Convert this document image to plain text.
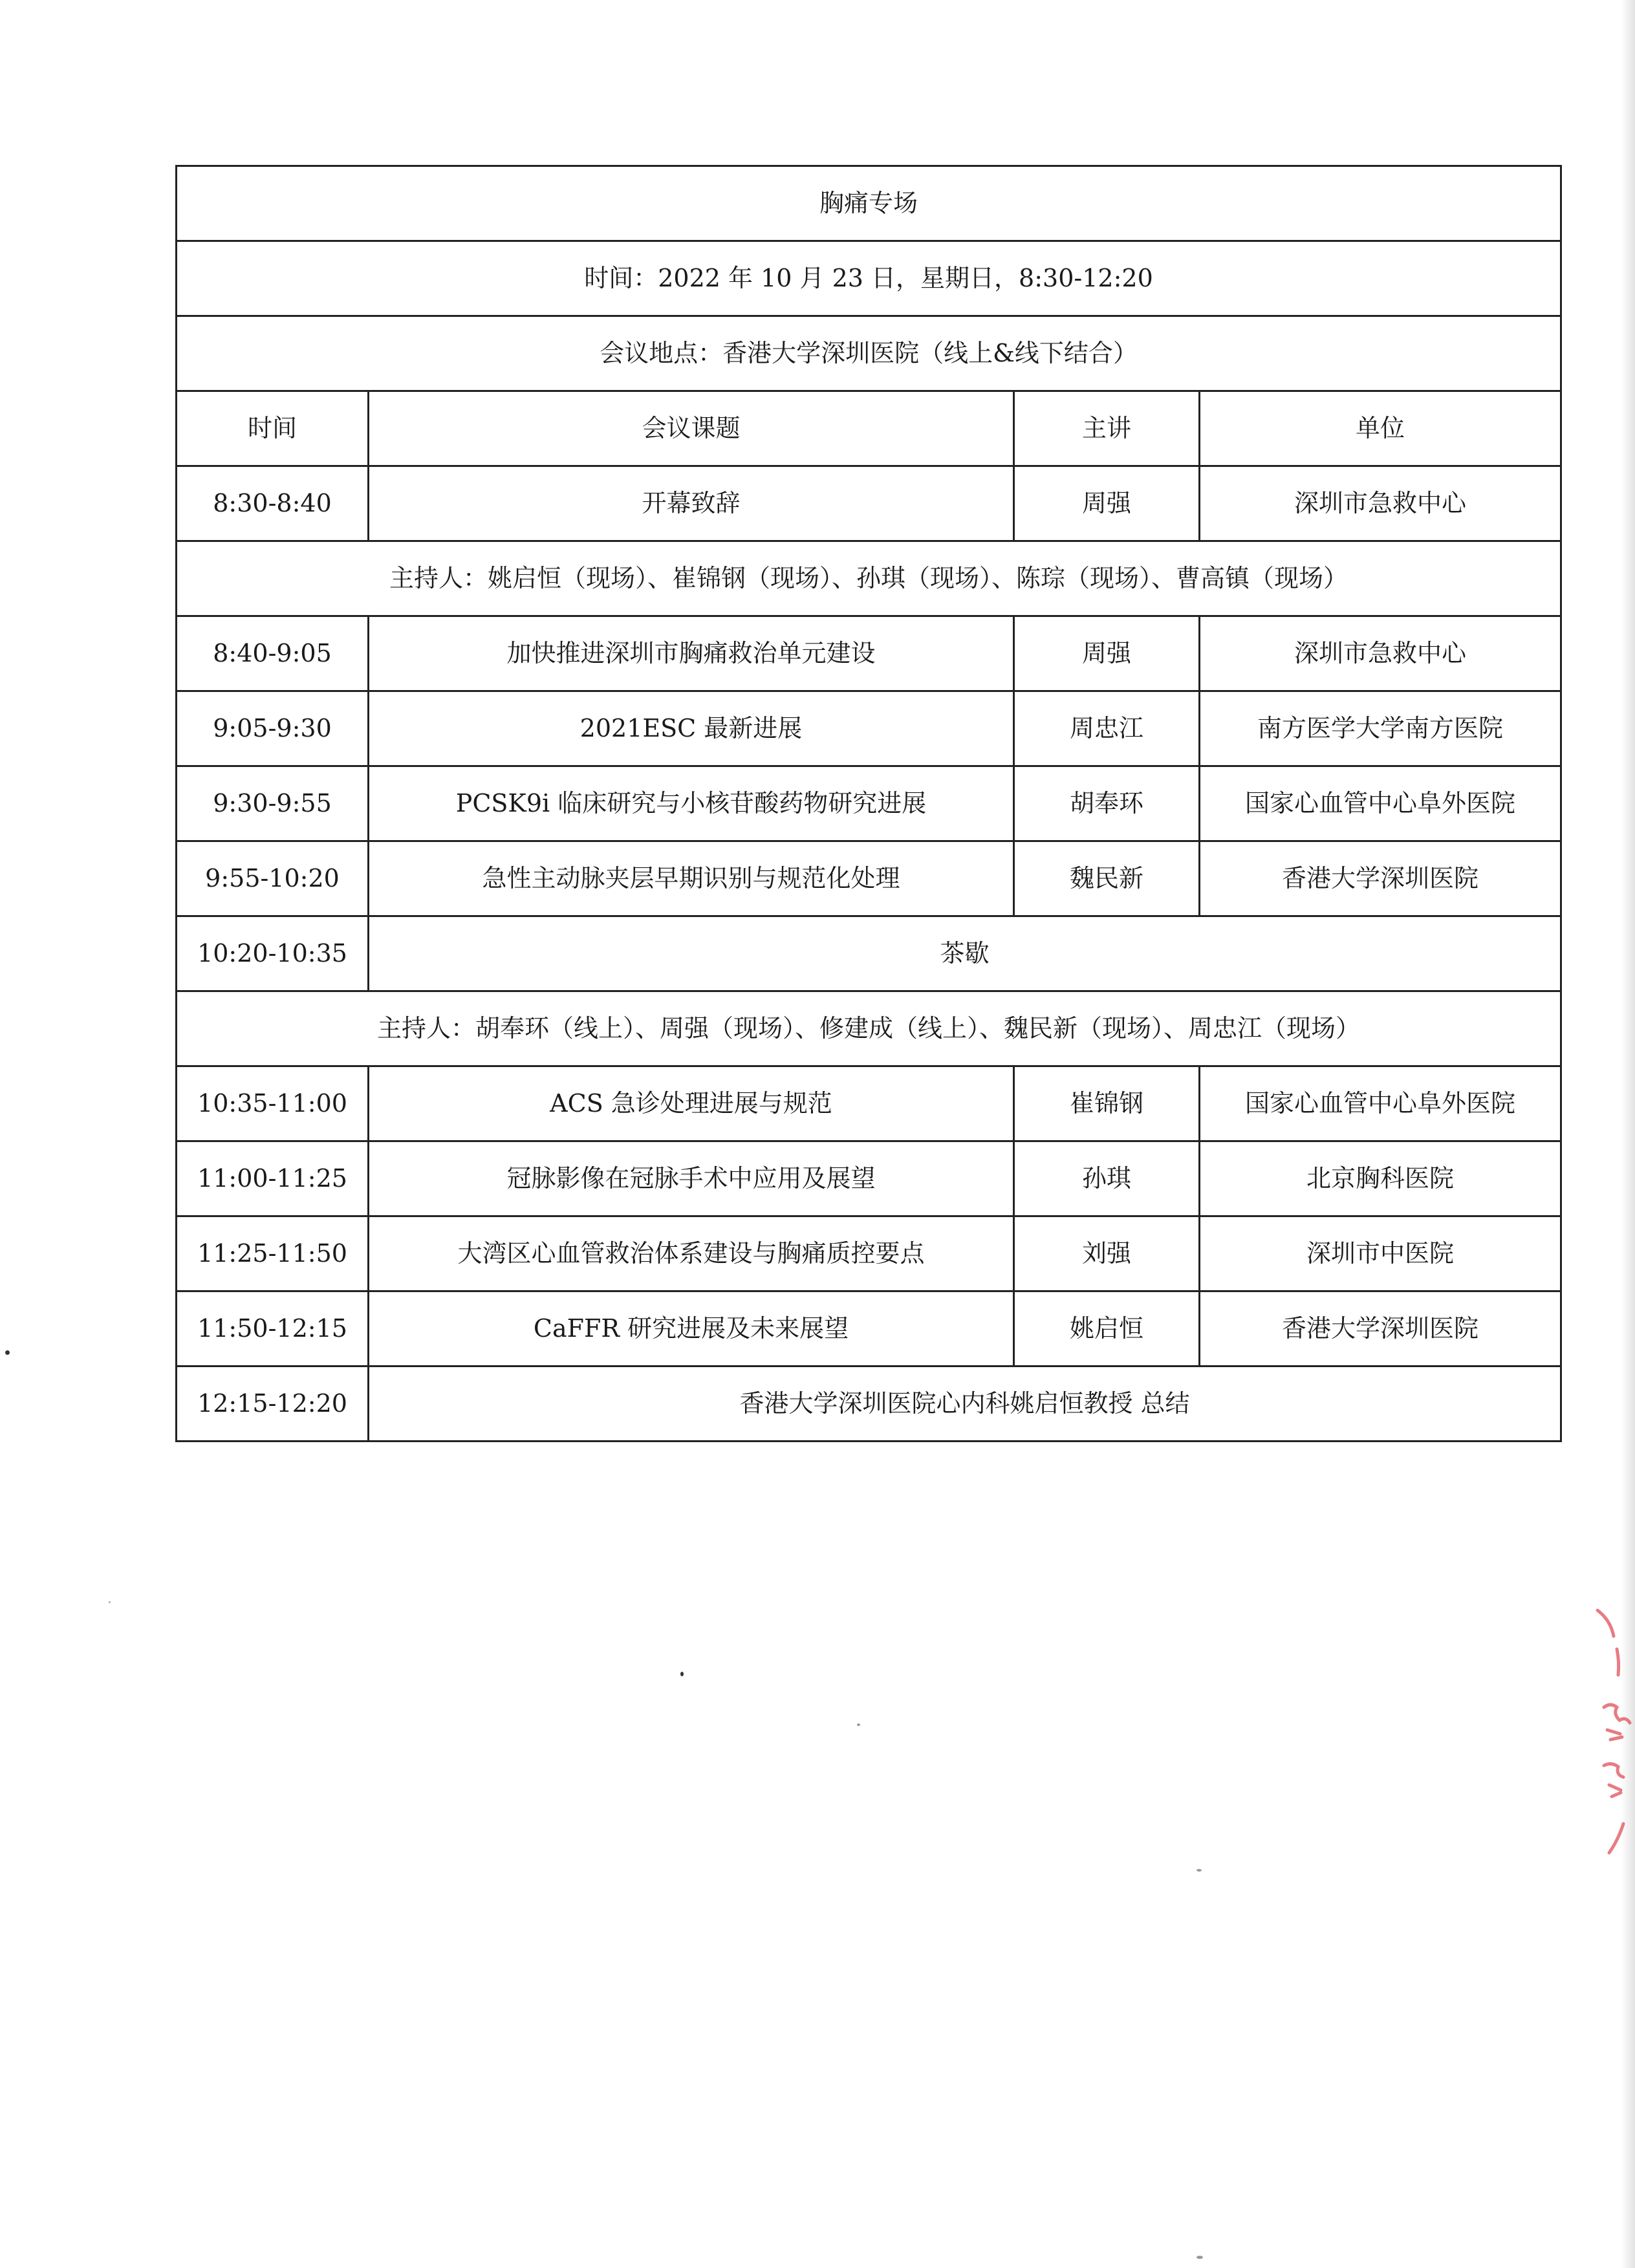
胸痛专场			
时间：2022 年 10 月 23 日，星期日，8:30-12:20			
会议地点：香港大学深圳医院（线上&线下结合）			
时间	会议课题	主讲	单位
8:30-8:40	开幕致辞	周强	深圳市急救中心
主持人：姚启恒（现场）、崔锦钢（现场）、孙琪（现场）、陈琮（现场）、曹高镇（现场）			
8:40-9:05	加快推进深圳市胸痛救治单元建设	周强	深圳市急救中心
9:05-9:30	2021ESC 最新进展	周忠江	南方医学大学南方医院
9:30-9:55	PCSK9i 临床研究与小核苷酸药物研究进展	胡奉环	国家心血管中心阜外医院
9:55-10:20	急性主动脉夹层早期识别与规范化处理	魏民新	香港大学深圳医院
10:20-10:35	茶歇		
主持人：胡奉环（线上）、周强（现场）、修建成（线上）、魏民新（现场）、周忠江（现场）			
10:35-11:00	ACS 急诊处理进展与规范	崔锦钢	国家心血管中心阜外医院
11:00-11:25	冠脉影像在冠脉手术中应用及展望	孙琪	北京胸科医院
11:25-11:50	大湾区心血管救治体系建设与胸痛质控要点	刘强	深圳市中医院
11:50-12:15	CaFFR 研究进展及未来展望	姚启恒	香港大学深圳医院
12:15-12:20	香港大学深圳医院心内科姚启恒教授 总结		
